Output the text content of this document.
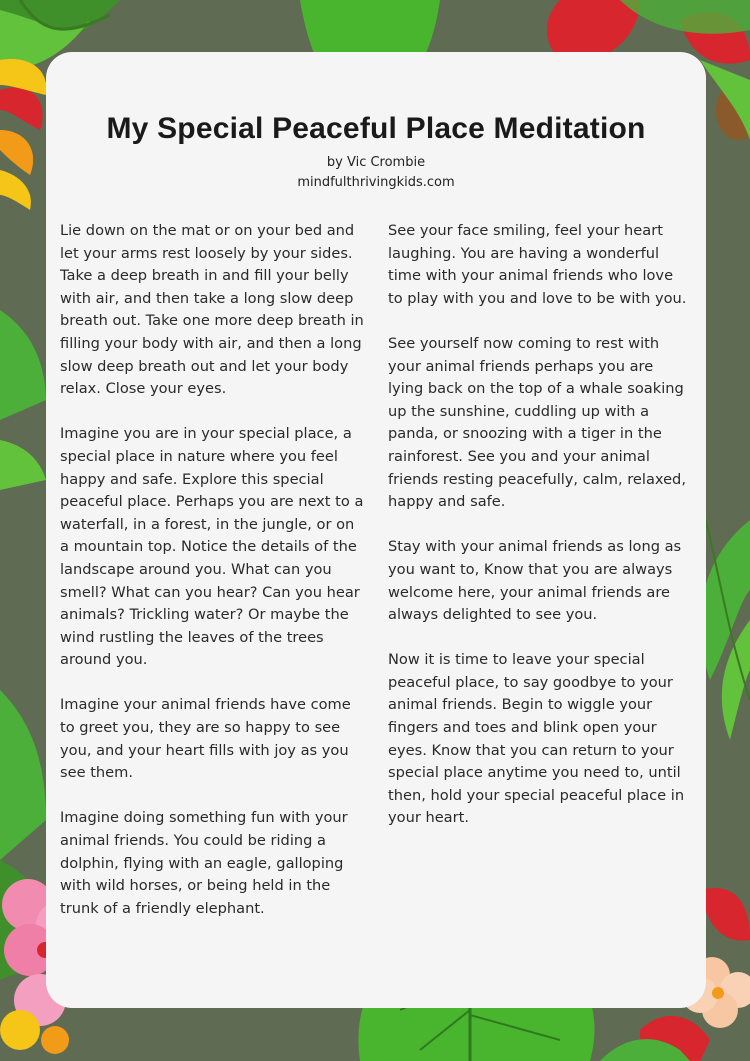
My Special Peaceful Place Meditation
by Vic Crombie
mindfulthrivingkids.com

Lie down on the mat or on your bed and let your arms rest loosely by your sides. Take a deep breath in and fill your belly with air, and then take a long slow deep breath out. Take one more deep breath in filling your body with air, and then a long slow deep breath out and let your body relax. Close your eyes.

Imagine you are in your special place, a special place in nature where you feel happy and safe. Explore this special peaceful place. Perhaps you are next to a waterfall, in a forest, in the jungle, or on a mountain top. Notice the details of the landscape around you. What can you smell? What can you hear? Can you hear animals? Trickling water? Or maybe the wind rustling the leaves of the trees around you.

Imagine your animal friends have come to greet you, they are so happy to see you, and your heart fills with joy as you see them.

Imagine doing something fun with your animal friends. You could be riding a dolphin, flying with an eagle, galloping with wild horses, or being held in the trunk of a friendly elephant.

See your face smiling, feel your heart laughing. You are having a wonderful time with your animal friends who love to play with you and love to be with you.

See yourself now coming to rest with your animal friends perhaps you are lying back on the top of a whale soaking up the sunshine, cuddling up with a panda, or snoozing with a tiger in the rainforest. See you and your animal friends resting peacefully, calm, relaxed, happy and safe.

Stay with your animal friends as long as you want to, Know that you are always welcome here, your animal friends are always delighted to see you.

Now it is time to leave your special peaceful place, to say goodbye to your animal friends. Begin to wiggle your fingers and toes and blink open your eyes. Know that you can return to your special place anytime you need to, until then, hold your special peaceful place in your heart.
